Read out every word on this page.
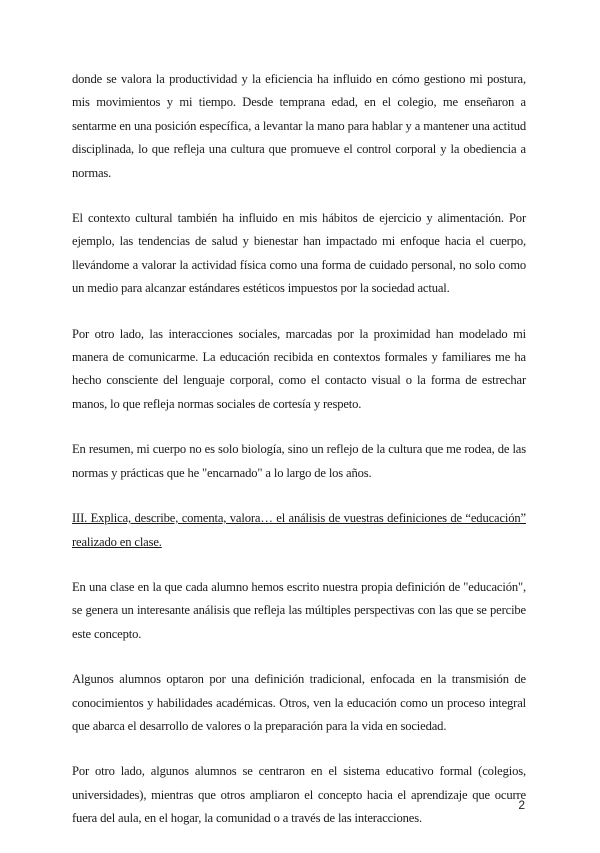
donde se valora la productividad y la eficiencia ha influido en cómo gestiono mi postura, mis movimientos y mi tiempo. Desde temprana edad, en el colegio, me enseñaron a sentarme en una posición específica, a levantar la mano para hablar y a mantener una actitud disciplinada, lo que refleja una cultura que promueve el control corporal y la obediencia a normas.

El contexto cultural también ha influido en mis hábitos de ejercicio y alimentación. Por ejemplo, las tendencias de salud y bienestar han impactado mi enfoque hacia el cuerpo, llevándome a valorar la actividad física como una forma de cuidado personal, no solo como un medio para alcanzar estándares estéticos impuestos por la sociedad actual.

Por otro lado, las interacciones sociales, marcadas por la proximidad han modelado mi manera de comunicarme. La educación recibida en contextos formales y familiares me ha hecho consciente del lenguaje corporal, como el contacto visual o la forma de estrechar manos, lo que refleja normas sociales de cortesía y respeto.

En resumen, mi cuerpo no es solo biología, sino un reflejo de la cultura que me rodea, de las normas y prácticas que he "encarnado" a lo largo de los años.

III. Explica, describe, comenta, valora… el análisis de vuestras definiciones de “educación” realizado en clase.

En una clase en la que cada alumno hemos escrito nuestra propia definición de "educación", se genera un interesante análisis que refleja las múltiples perspectivas con las que se percibe este concepto.

Algunos alumnos optaron por una definición tradicional, enfocada en la transmisión de conocimientos y habilidades académicas. Otros, ven la educación como un proceso integral que abarca el desarrollo de valores o la preparación para la vida en sociedad.

Por otro lado, algunos alumnos se centraron en el sistema educativo formal (colegios, universidades), mientras que otros ampliaron el concepto hacia el aprendizaje que ocurre fuera del aula, en el hogar, la comunidad o a través de las interacciones.

2
